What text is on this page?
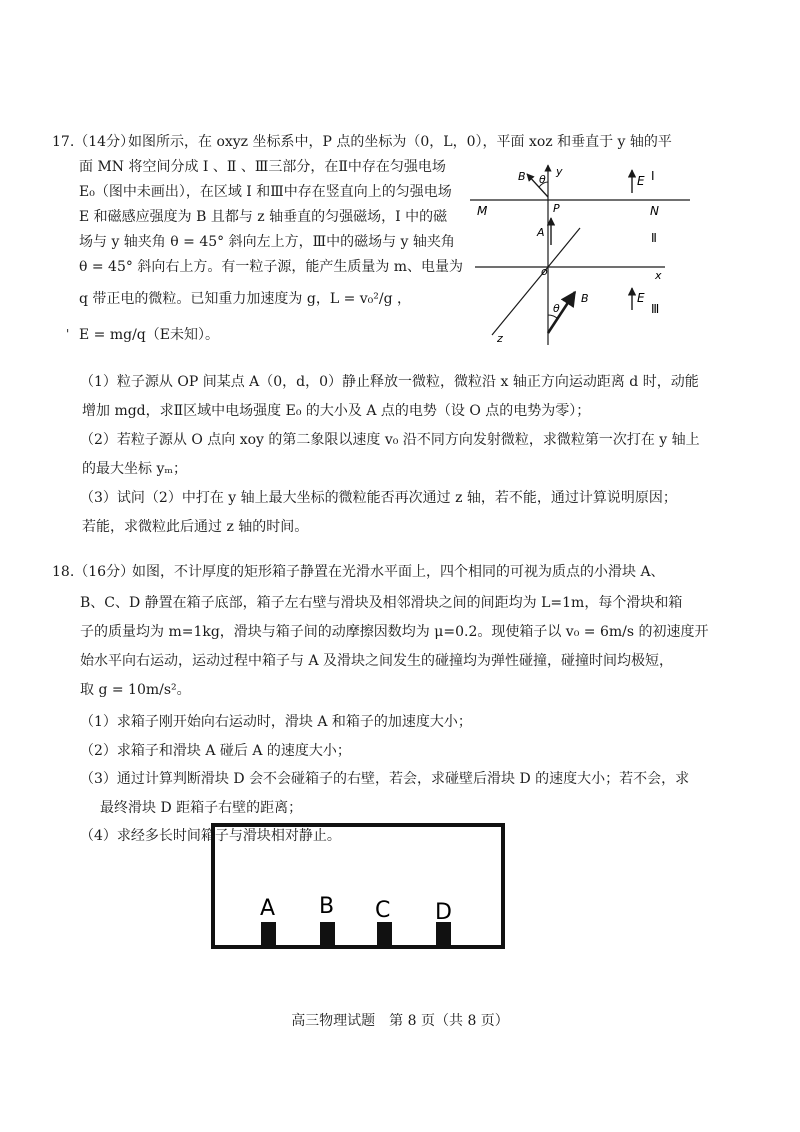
17.（14分）
如图所示，在 oxyz 坐标系中，P 点的坐标为（0，L，0），平面 xoz 和垂直于 y 轴的平
面 MN 将空间分成 Ⅰ 、Ⅱ 、Ⅲ三部分，在Ⅱ中存在匀强电场
E₀（图中未画出），在区域 Ⅰ 和Ⅲ中存在竖直向上的匀强电场
E 和磁感应强度为 B 且都与 z 轴垂直的匀强磁场，Ⅰ 中的磁
场与 y 轴夹角 θ = 45° 斜向左上方，Ⅲ中的磁场与 y 轴夹角
θ = 45° 斜向右上方。有一粒子源，能产生质量为 m、电量为
q 带正电的微粒。已知重力加速度为 g，L = v₀²/g ，
E = mg/q（E未知）。
'
y
B θ	E Ⅰ
M	P	N
A	Ⅱ
o	x
θ
B	E
Ⅲ
z
（1）粒子源从 OP 间某点 A（0，d，0）静止释放一微粒，微粒沿 x 轴正方向运动距离 d 时，动能
增加 mgd，求Ⅱ区域中电场强度 E₀ 的大小及 A 点的电势（设 O 点的电势为零）；
（2）若粒子源从 O 点向 xoy 的第二象限以速度 v₀ 沿不同方向发射微粒，求微粒第一次打在 y 轴上
的最大坐标 yₘ；
（3）试问（2）中打在 y 轴上最大坐标的微粒能否再次通过 z 轴，若不能，通过计算说明原因；
若能，求微粒此后通过 z 轴的时间。
18.（16分）
如图，不计厚度的矩形箱子静置在光滑水平面上，四个相同的可视为质点的小滑块 A、
B、C、D 静置在箱子底部，箱子左右壁与滑块及相邻滑块之间的间距均为 L=1m，每个滑块和箱
子的质量均为 m=1kg，滑块与箱子间的动摩擦因数均为 μ=0.2。现使箱子以 v₀ = 6m/s 的初速度开
始水平向右运动，运动过程中箱子与 A 及滑块之间发生的碰撞均为弹性碰撞，碰撞时间均极短，
取 g = 10m/s²。
（1）求箱子刚开始向右运动时，滑块 A 和箱子的加速度大小；
（2）求箱子和滑块 A 碰后 A 的速度大小；
（3）通过计算判断滑块 D 会不会碰箱子的右壁，若会，求碰壁后滑块 D 的速度大小；若不会，求
最终滑块 D 距箱子右壁的距离；
（4）求经多长时间箱子与滑块相对静止。
A B C D
高三物理试题　第 8 页（共 8 页）
